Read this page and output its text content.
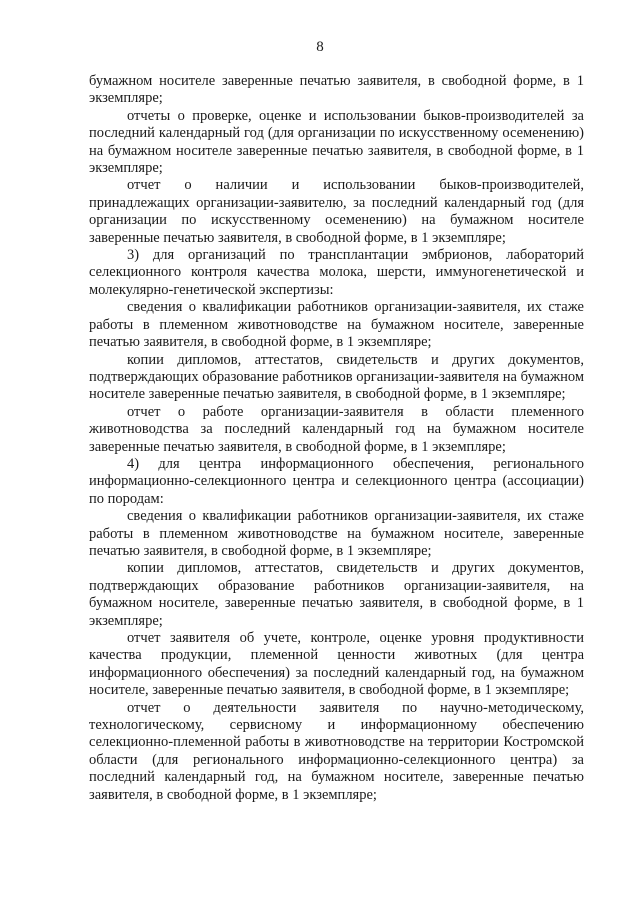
8

бумажном носителе заверенные печатью заявителя, в свободной форме, в 1 экземпляре;

отчеты о проверке, оценке и использовании быков-производителей за последний календарный год (для организации по искусственному осеменению) на бумажном носителе заверенные печатью заявителя, в свободной форме, в 1 экземпляре;

отчет о наличии и использовании быков-производителей, принадлежащих организации-заявителю, за последний календарный год (для организации по искусственному осеменению) на бумажном носителе заверенные печатью заявителя, в свободной форме, в 1 экземпляре;

3) для организаций по трансплантации эмбрионов, лабораторий селекционного контроля качества молока, шерсти, иммуногенетической и молекулярно-генетической экспертизы:

сведения о квалификации работников организации-заявителя, их стаже работы в племенном животноводстве на бумажном носителе, заверенные печатью заявителя, в свободной форме, в 1 экземпляре;

копии дипломов, аттестатов, свидетельств и других документов, подтверждающих образование работников организации-заявителя на бумажном носителе заверенные печатью заявителя, в свободной форме, в 1 экземпляре;

отчет о работе организации-заявителя в области племенного животноводства за последний календарный год на бумажном носителе заверенные печатью заявителя, в свободной форме, в 1 экземпляре;

4) для центра информационного обеспечения, регионального информационно-селекционного центра и селекционного центра (ассоциации) по породам:

сведения о квалификации работников организации-заявителя, их стаже работы в племенном животноводстве на бумажном носителе, заверенные печатью заявителя, в свободной форме, в 1 экземпляре;

копии дипломов, аттестатов, свидетельств и других документов, подтверждающих образование работников организации-заявителя, на бумажном носителе, заверенные печатью заявителя, в свободной форме, в 1 экземпляре;

отчет заявителя об учете, контроле, оценке уровня продуктивности качества продукции, племенной ценности животных (для центра информационного обеспечения) за последний календарный год, на бумажном носителе, заверенные печатью заявителя, в свободной форме, в 1 экземпляре;

отчет о деятельности заявителя по научно-методическому, технологическому, сервисному и информационному обеспечению селекционно-племенной работы в животноводстве на территории Костромской области (для регионального информационно-селекционного центра) за последний календарный год, на бумажном носителе, заверенные печатью заявителя, в свободной форме, в 1 экземпляре;
